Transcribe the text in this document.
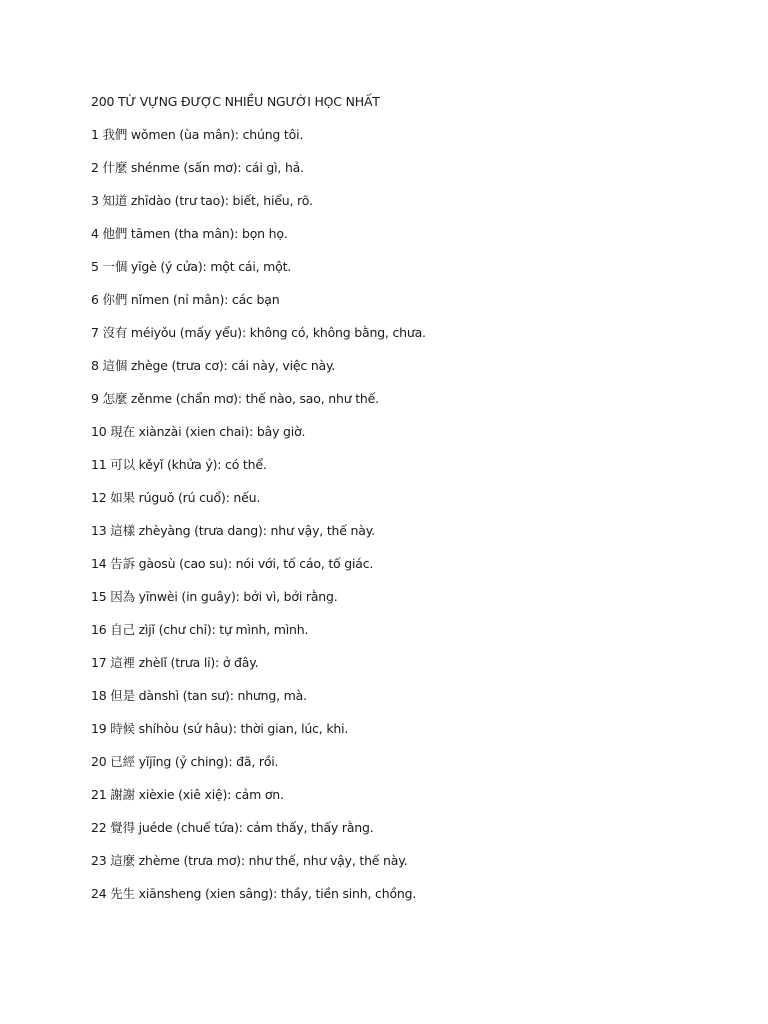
200 TỪ VỰNG ĐƯỢC NHIỀU NGƯỜI HỌC NHẤT
1 我們 wǒmen (ùa mân): chúng tôi.
2 什麼 shénme (sấn mơ): cái gì, hả.
3 知道 zhīdào (trư tao): biết, hiểu, rõ.
4 他們 tāmen (tha mân): bọn họ.
5 一個 yīgè (ý cửa): một cái, một.
6 你們 nǐmen (nỉ mân): các bạn
7 沒有 méiyǒu (mấy yểu): không có, không bằng, chưa.
8 這個 zhège (trưa cơ): cái này, việc này.
9 怎麼 zěnme (chẩn mơ): thế nào, sao, như thế.
10 現在 xiànzài (xien chai): bây giờ.
11 可以 kěyǐ (khửa ỷ): có thể.
12 如果 rúguǒ (rú cuổ): nếu.
13 這樣 zhèyàng (trưa dang): như vậy, thế này.
14 告訴 gàosù (cao su): nói với, tố cáo, tố giác.
15 因為 yīnwèi (in guây): bởi vì, bởi rằng.
16 自己 zìjǐ (chư chỉ): tự mình, mình.
17 這裡 zhèlǐ (trưa lỉ): ở đây.
18 但是 dànshì (tan sư): nhưng, mà.
19 時候 shíhòu (sứ hâu): thời gian, lúc, khi.
20 已經 yǐjīng (ỷ ching): đã, rồi.
21 謝謝 xièxie (xiê xiệ): cảm ơn.
22 覺得 juéde (chuế tứa): cảm thấy, thấy rằng.
23 這麼 zhème (trưa mơ): như thế, như vậy, thế này.
24 先生 xiānsheng (xien sâng): thầy, tiền sinh, chồng.
